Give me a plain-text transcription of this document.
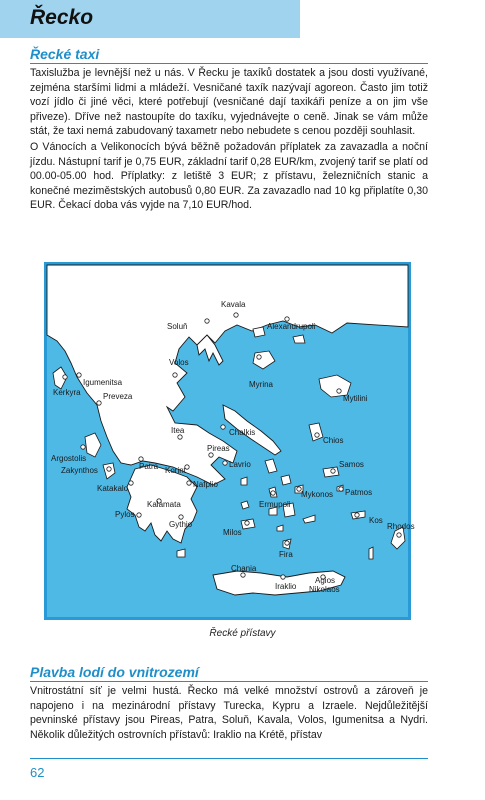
Řecko
Řecké taxi

Taxislužba je levnější než u nás. V Řecku je taxíků dostatek a jsou dosti využívané, zejména staršími lidmi a mládeží. Vesničané taxík nazývají agoreon. Často jim totiž vozí jídlo či jiné věci, které potřebují (vesničané dají taxikáři peníze a on jim vše přiveze). Dříve než nastoupíte do taxíku, vyjednávejte o ceně. Jinak se vám může stát, že taxi nemá zabudovaný taxametr nebo nebudete s cenou později souhlasit.

O Vánocích a Velikonocích bývá běžně požadován příplatek za zavazadla a noční jízdu. Nástupní tarif je 0,75 EUR, základní tarif 0,28 EUR/km, zvojený tarif se platí od 00.00-05.00 hod. Příplatky: z letiště 3 EUR; z přístavu, železničních stanic a konečné meziměstských autobusů 0,80 EUR. Za zavazadlo nad 10 kg připlatíte 0,30 EUR. Čekací doba vás vyjde na 7,10 EUR/hod.

Kavala
Alexandrupoli
Soluň
Myrina
Igumenitsa
Kerkyra	Preveza
Volos
Mytilini
Itea	Chalkis
Chios
Argostolis
Patra
Pireas
Lavrio
Korint
Zakynthos
Samos
Katakalo	Nafplio
Mykonos Patmos
Kalamata	Ermupoli
Pylos
Gythio	Kos
Milos
Rhodos
Fira
Chania
Iraklio
Agios
Nikolaos
Řecké přístavy
Plavba lodí do vnitrozemí

Vnitrostátní síť je velmi hustá. Řecko má velké množství ostrovů a zároveň je napojeno i na mezinárodní přístavy Turecka, Kypru a Izraele. Nejdůležitější pevninské přístavy jsou Pireas, Patra, Soluň, Kavala, Volos, Igumenitsa a Nydri. Několik důležitých ostrovních přístavů: Iraklio na Krétě, přístav

62
